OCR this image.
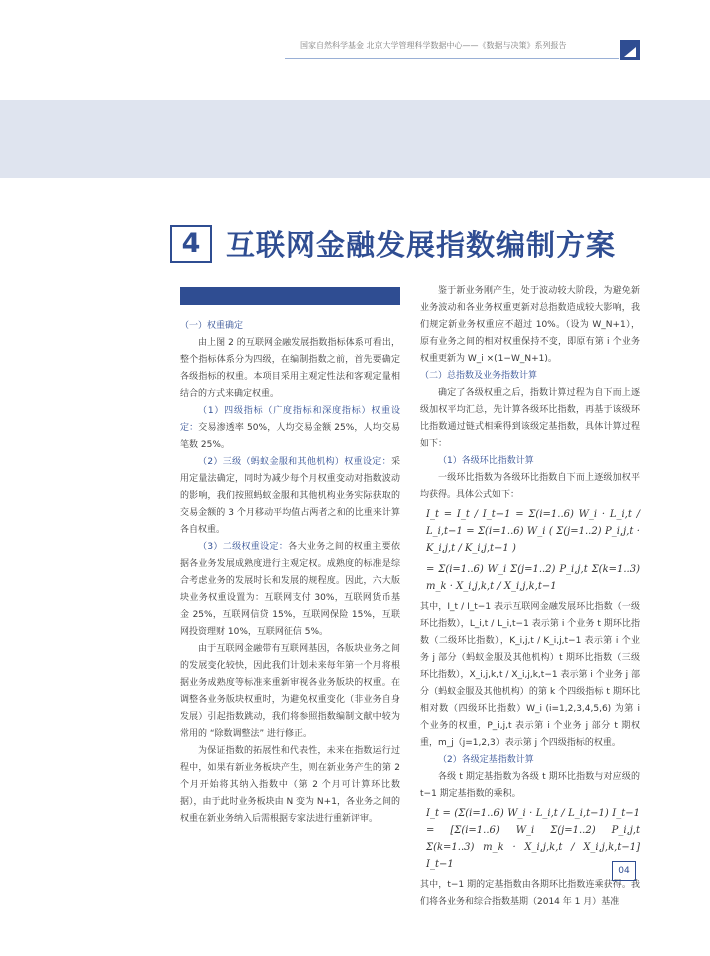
国家自然科学基金 北京大学管理科学数据中心——《数据与决策》系列报告
4 互联网金融发展指数编制方案

（一）权重确定

由上图 2 的互联网金融发展指数指标体系可看出，整个指标体系分为四级，在编制指数之前，首先要确定各级指标的权重。本项目采用主观定性法和客观定量相结合的方式来确定权重。

（1）四级指标（广度指标和深度指标）权重设定：交易渗透率 50%，人均交易金额 25%，人均交易笔数 25%。

（2）三级（蚂蚁金服和其他机构）权重设定：采用定量法确定，同时为减少每个月权重变动对指数波动的影响，我们按照蚂蚁金服和其他机构业务实际获取的交易金额的 3 个月移动平均值占两者之和的比重来计算各自权重。

（3）二级权重设定：各大业务之间的权重主要依据各业务发展成熟度进行主观定权。成熟度的标准是综合考虑业务的发展时长和发展的规程度。因此，六大版块业务权重设置为：互联网支付 30%，互联网货币基金 25%，互联网信贷 15%，互联网保险 15%，互联网投资理财 10%，互联网征信 5%。

由于互联网金融带有互联网基因，各版块业务之间的发展变化较快，因此我们计划未来每年第一个月将根据业务成熟度等标准来重新审视各业务版块的权重。在调整各业务版块权重时，为避免权重变化（非业务自身发展）引起指数跳动，我们将参照指数编制文献中较为常用的 “除数调整法” 进行修正。

为保证指数的拓展性和代表性，未来在指数运行过程中，如果有新业务板块产生，则在新业务产生的第 2 个月开始将其纳入指数中（第 2 个月可计算环比数据），由于此时业务板块由 N 变为 N+1，各业务之间的权重在新业务纳入后需根据专家法进行重新评审。

鉴于新业务刚产生，处于波动较大阶段，为避免新业务波动和各业务权重更新对总指数造成较大影响，我们规定新业务权重应不超过 10%。（设为 W_N+1），原有业务之间的相对权重保持不变，即原有第 i 个业务权重更新为 W_i ×(1−W_N+1)。

（二）总指数及业务指数计算

确定了各级权重之后，指数计算过程为自下而上逐级加权平均汇总，先计算各级环比指数，再基于该级环比指数通过链式相乘得到该级定基指数，具体计算过程如下：

（1）各级环比指数计算

一级环比指数为各级环比指数自下而上逐级加权平均获得。具体公式如下：

I_t = I_t / I_t−1 = Σ(i=1..6) W_i · L_i,t / L_i,t−1 = Σ(i=1..6) W_i ( Σ(j=1..2) P_i,j,t · K_i,j,t / K_i,j,t−1 )
= Σ(i=1..6) W_i Σ(j=1..2) P_i,j,t Σ(k=1..3) m_k · X_i,j,k,t / X_i,j,k,t−1

其中，I_t / I_t−1 表示互联网金融发展环比指数（一级环比指数），L_i,t / L_i,t−1 表示第 i 个业务 t 期环比指数（二级环比指数），K_i,j,t / K_i,j,t−1 表示第 i 个业务 j 部分（蚂蚁金服及其他机构）t 期环比指数（三级环比指数），X_i,j,k,t / X_i,j,k,t−1 表示第 i 个业务 j 部分（蚂蚁金服及其他机构）的第 k 个四级指标 t 期环比相对数（四级环比指数）W_i (i=1,2,3,4,5,6) 为第 i 个业务的权重，P_i,j,t 表示第 i 个业务 j 部分 t 期权重，m_j（j=1,2,3）表示第 j 个四级指标的权重。

（2）各级定基指数计算

各级 t 期定基指数为各级 t 期环比指数与对应级的 t−1 期定基指数的乘积。

I_t = (Σ(i=1..6) W_i · L_i,t / L_i,t−1) I_t−1 = [Σ(i=1..6) W_i Σ(j=1..2) P_i,j,t Σ(k=1..3) m_k · X_i,j,k,t / X_i,j,k,t−1] I_t−1

其中，t−1 期的定基指数由各期环比指数连乘获得。我们将各业务和综合指数基期（2014 年 1 月）基准

04
